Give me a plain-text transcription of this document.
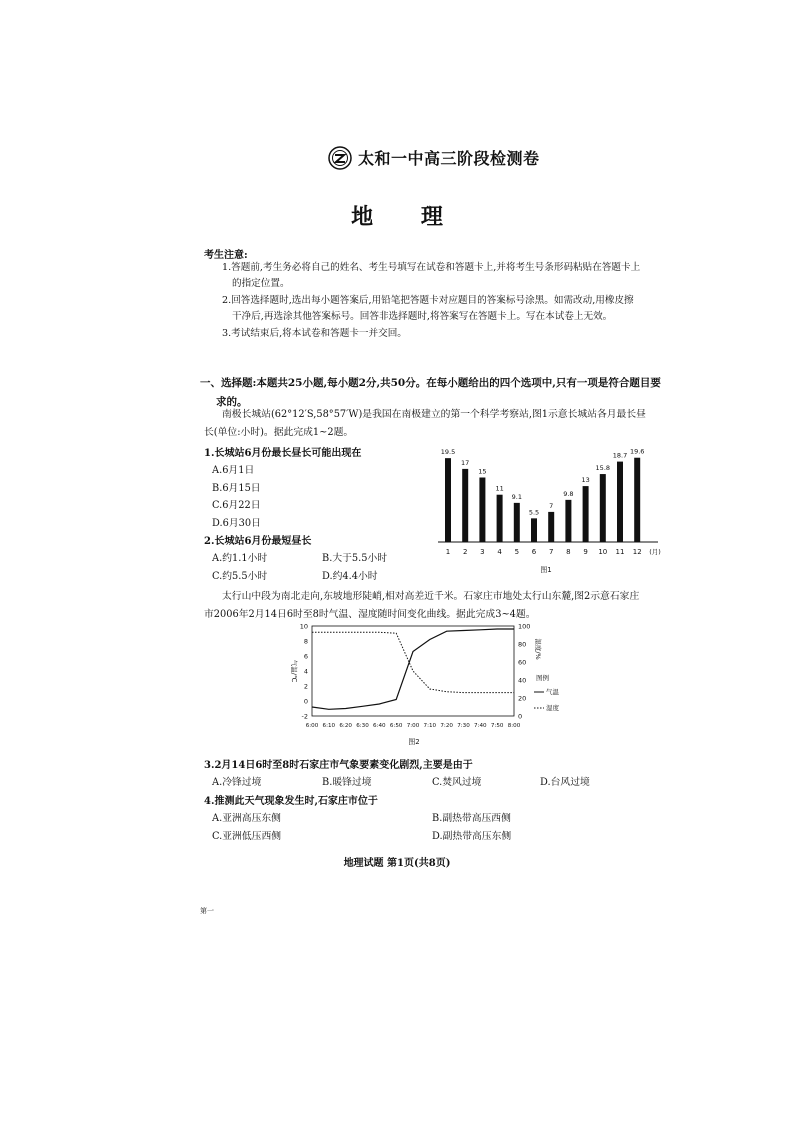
太和一中高三阶段检测卷
地 理
考生注意:
1.答题前,考生务必将自己的姓名、考生号填写在试卷和答题卡上,并将考生号条形码粘贴在答题卡上
的指定位置。
2.回答选择题时,选出每小题答案后,用铅笔把答题卡对应题目的答案标号涂黑。如需改动,用橡皮擦
干净后,再选涂其他答案标号。回答非选择题时,将答案写在答题卡上。写在本试卷上无效。
3.考试结束后,将本试卷和答题卡一并交回。
一、选择题:本题共25小题,每小题2分,共50分。在每小题给出的四个选项中,只有一项是符合题目要
求的。
南极长城站(62°12′S,58°57′W)是我国在南极建立的第一个科学考察站,图1示意长城站各月最长昼
长(单位:小时)。据此完成1~2题。
1.长城站6月份最长昼长可能出现在
A.6月1日
B.6月15日
C.6月22日
D.6月30日
2.长城站6月份最短昼长
A.约1.1小时	B.大于5.5小时
C.约5.5小时	D.约4.4小时
19.5
1
17
2
15
3
11
4
9.1
5
5.5
6
7
7
9.8
8
13
9
15.8
10
18.7
11
19.6
12 (月)
图1
太行山中段为南北走向,东坡地形陡峭,相对高差近千米。石家庄市地处太行山东麓,图2示意石家庄
市2006年2月14日6时至8时气温、湿度随时间变化曲线。据此完成3~4题。
10
8
6
4
2
0
-2
100
80
60
40
20
0
6:00 6:10 6:20 6:30 6:40 6:50 7:00 7:10 7:20 7:30 7:40 7:50 8:00
气温/℃
湿度/%
图例
气温
湿度
图2
3.2月14日6时至8时石家庄市气象要素变化剧烈,主要是由于
A.冷锋过境	B.暖锋过境	C.焚风过境	D.台风过境
4.推测此天气现象发生时,石家庄市位于
A.亚洲高压东侧	B.副热带高压西侧
C.亚洲低压西侧	D.副热带高压东侧
地理试题 第1页(共8页)
第一
